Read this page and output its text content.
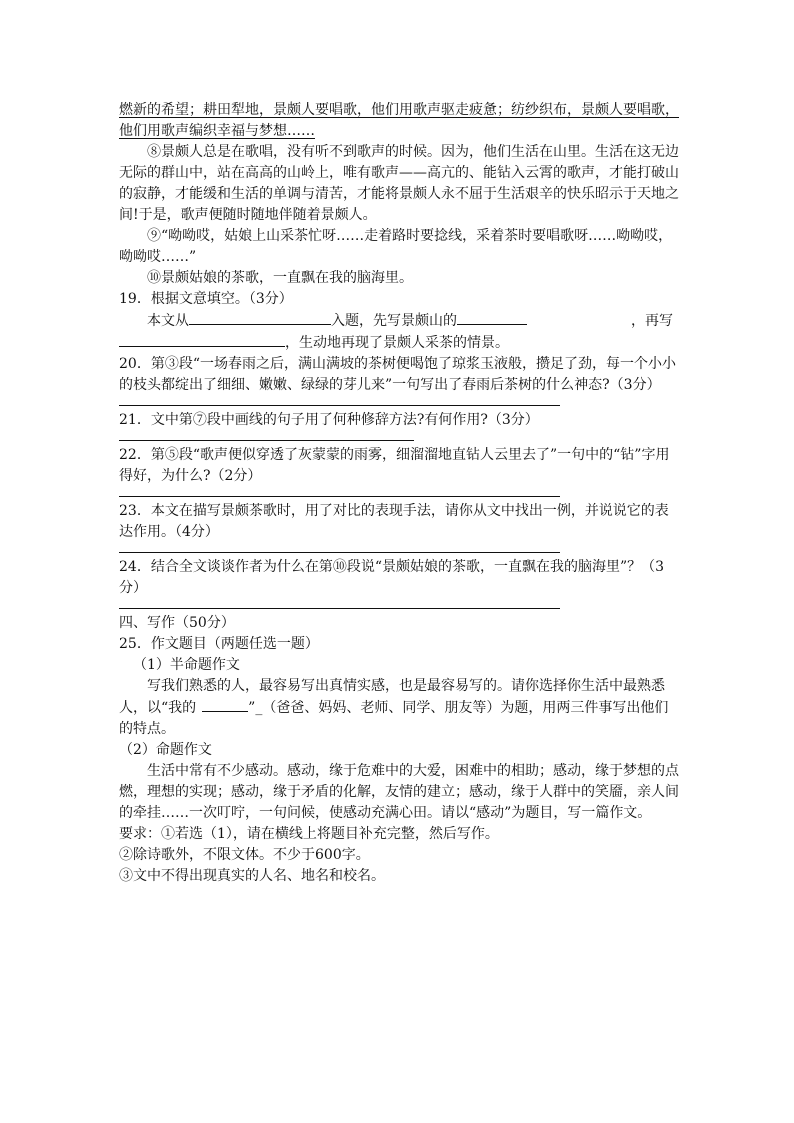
燃新的希望；耕田犁地，景颇人要唱歌，他们用歌声驱走疲惫；纺纱织布，景颇人要唱歌，

他们用歌声编织幸福与梦想……

⑧景颇人总是在歌唱，没有听不到歌声的时候。因为，他们生活在山里。生活在这无边无际的群山中，站在高高的山岭上，唯有歌声——高亢的、能钻入云霄的歌声，才能打破山的寂静，才能缓和生活的单调与清苦，才能将景颇人永不屈于生活艰辛的快乐昭示于天地之间!于是，歌声便随时随地伴随着景颇人。

⑨“呦呦哎，姑娘上山采茶忙呀……走着路时要捻线，采着茶时要唱歌呀……呦呦哎，呦呦哎……”

⑩景颇姑娘的茶歌，一直飘在我的脑海里。

19．根据文意填空。（3分）

本文从	入题，先写景颇山的	，再写

，生动地再现了景颇人采茶的情景。

20．第③段“一场春雨之后，满山满坡的茶树便喝饱了琼浆玉液般，攒足了劲，每一个小小的枝头都绽出了细细、嫩嫩、绿绿的芽儿来”一句写出了春雨后茶树的什么神态?（3分）

21．文中第⑦段中画线的句子用了何种修辞方法?有何作用?（3分）

22．第⑤段“歌声便似穿透了灰蒙蒙的雨雾，细溜溜地直钻人云里去了”一句中的“钻”字用得好，为什么?（2分）

23．本文在描写景颇茶歌时，用了对比的表现手法，请你从文中找出一例，并说说它的表达作用。（4分）

24．结合全文谈谈作者为什么在第⑩段说“景颇姑娘的茶歌，一直飘在我的脑海里”？（3分）

四、写作（50分）

25．作文题目（两题任选一题）

（1）半命题作文

写我们熟悉的人，最容易写出真情实感，也是最容易写的。请你选择你生活中最熟悉人，以“我的	”_（爸爸、妈妈、老师、同学、朋友等）为题，用两三件事写出他们的特点。

（2）命题作文

生活中常有不少感动。感动，缘于危难中的大爱，困难中的相助；感动，缘于梦想的点燃，理想的实现；感动，缘于矛盾的化解，友情的建立；感动，缘于人群中的笑靥，亲人间的牵挂……一次叮咛，一句问候，使感动充满心田。请以“感动”为题目，写一篇作文。

要求：①若选（1），请在横线上将题目补充完整，然后写作。

②除诗歌外，不限文体。不少于600字。

③文中不得出现真实的人名、地名和校名。
